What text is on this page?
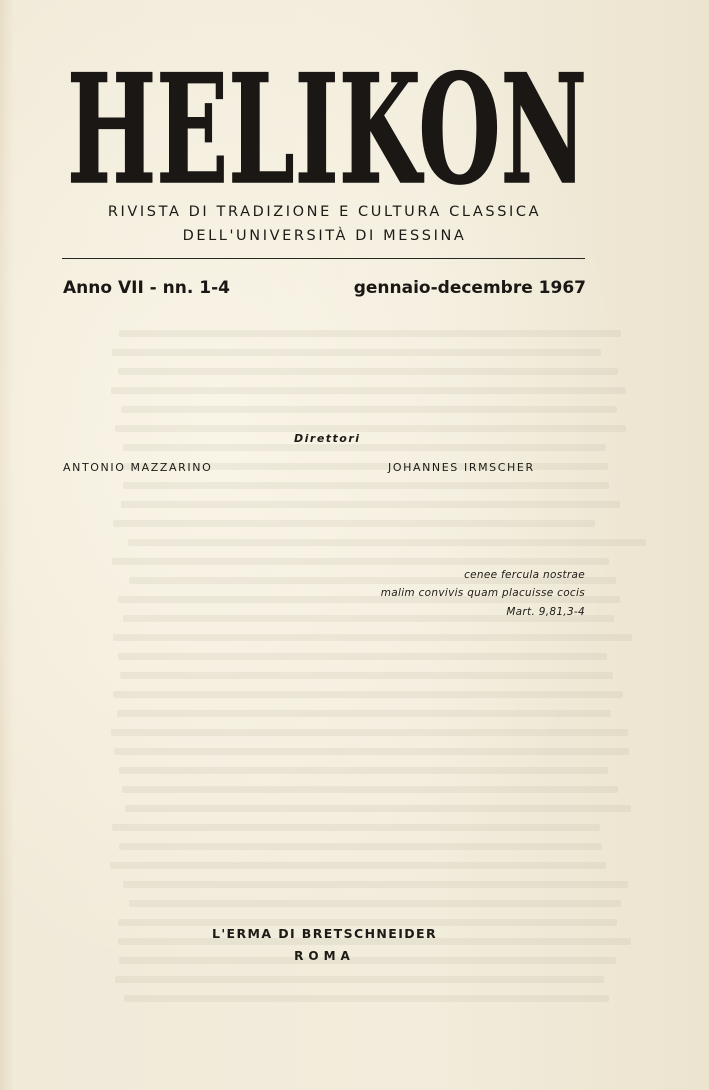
HELIKON
RIVISTA DI TRADIZIONE E CULTURA CLASSICA
DELL'UNIVERSITÀ DI MESSINA
Anno VII - nn. 1-4	gennaio-decembre 1967
Direttori
ANTONIO MAZZARINO	JOHANNES IRMSCHER
cenee fercula nostrae
malim convivis quam placuisse cocis
Mart. 9,81,3-4
L'ERMA DI BRETSCHNEIDER
ROMA
